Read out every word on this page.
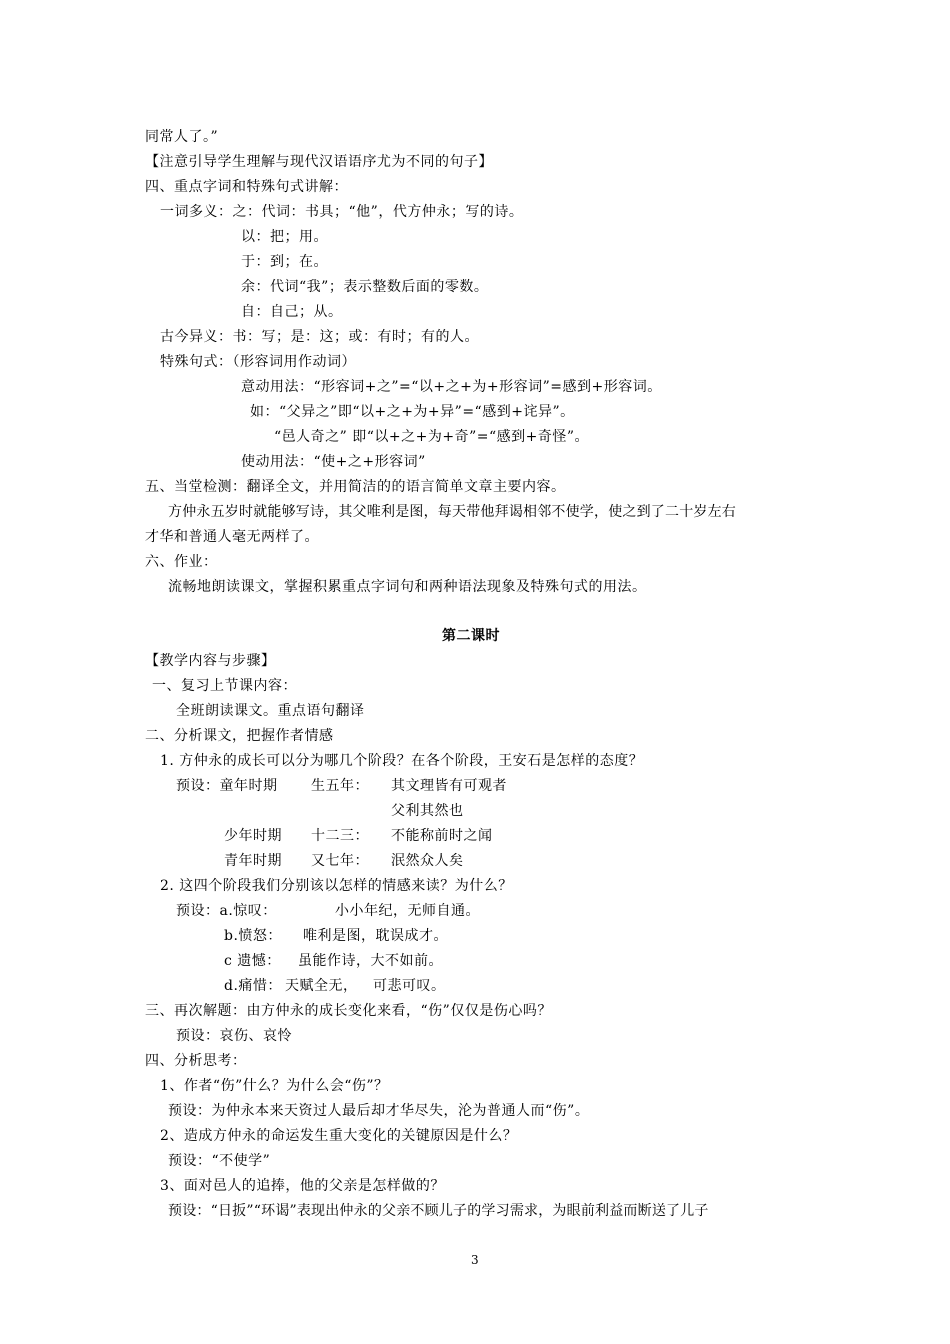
同常人了。”
【注意引导学生理解与现代汉语语序尤为不同的句子】
四、重点字词和特殊句式讲解：
一词多义：之：代词：书具；“他”，代方仲永；写的诗。
以：把；用。
于：到；在。
余：代词“我”；表示整数后面的零数。
自：自己；从。
古今异义：书：写；是：这；或：有时；有的人。
特殊句式：（形容词用作动词）
意动用法：“形容词+之”=“以+之+为+形容词”=感到+形容词。
如：“父异之”即“以+之+为+异”=“感到+诧异”。
“邑人奇之” 即“以+之+为+奇”=“感到+奇怪”。
使动用法：“使+之+形容词”
五、当堂检测：翻译全文，并用简洁的的语言简单文章主要内容。
方仲永五岁时就能够写诗，其父唯利是图，每天带他拜谒相邻不使学，使之到了二十岁左右
才华和普通人毫无两样了。
六、作业：
流畅地朗读课文，掌握积累重点字词句和两种语法现象及特殊句式的用法。
第二课时
【教学内容与步骤】
一、复习上节课内容：
全班朗读课文。重点语句翻译
二、分析课文，把握作者情感
1. 方仲永的成长可以分为哪几个阶段？在各个阶段，王安石是怎样的态度？
预设：童年时期 生五年： 其文理皆有可观者
父利其然也
少年时期 十二三： 不能称前时之闻
青年时期 又七年： 泯然众人矣
2. 这四个阶段我们分别该以怎样的情感来读？为什么？
预设：a.惊叹：	小小年纪，无师自通。
b.愤怒： 唯利是图，耽误成才。
c 遗憾： 虽能作诗，大不如前。
d.痛惜： 天赋全无， 可悲可叹。
三、再次解题：由方仲永的成长变化来看，“伤”仅仅是伤心吗？
预设：哀伤、哀怜
四、分析思考：
1、作者“伤”什么？为什么会“伤”？
预设：为仲永本来天资过人最后却才华尽失，沦为普通人而“伤”。
2、造成方仲永的命运发生重大变化的关键原因是什么？
预设：“不使学”
3、面对邑人的追捧，他的父亲是怎样做的？
预设：“日扳”“环谒”表现出仲永的父亲不顾儿子的学习需求，为眼前利益而断送了儿子
3
